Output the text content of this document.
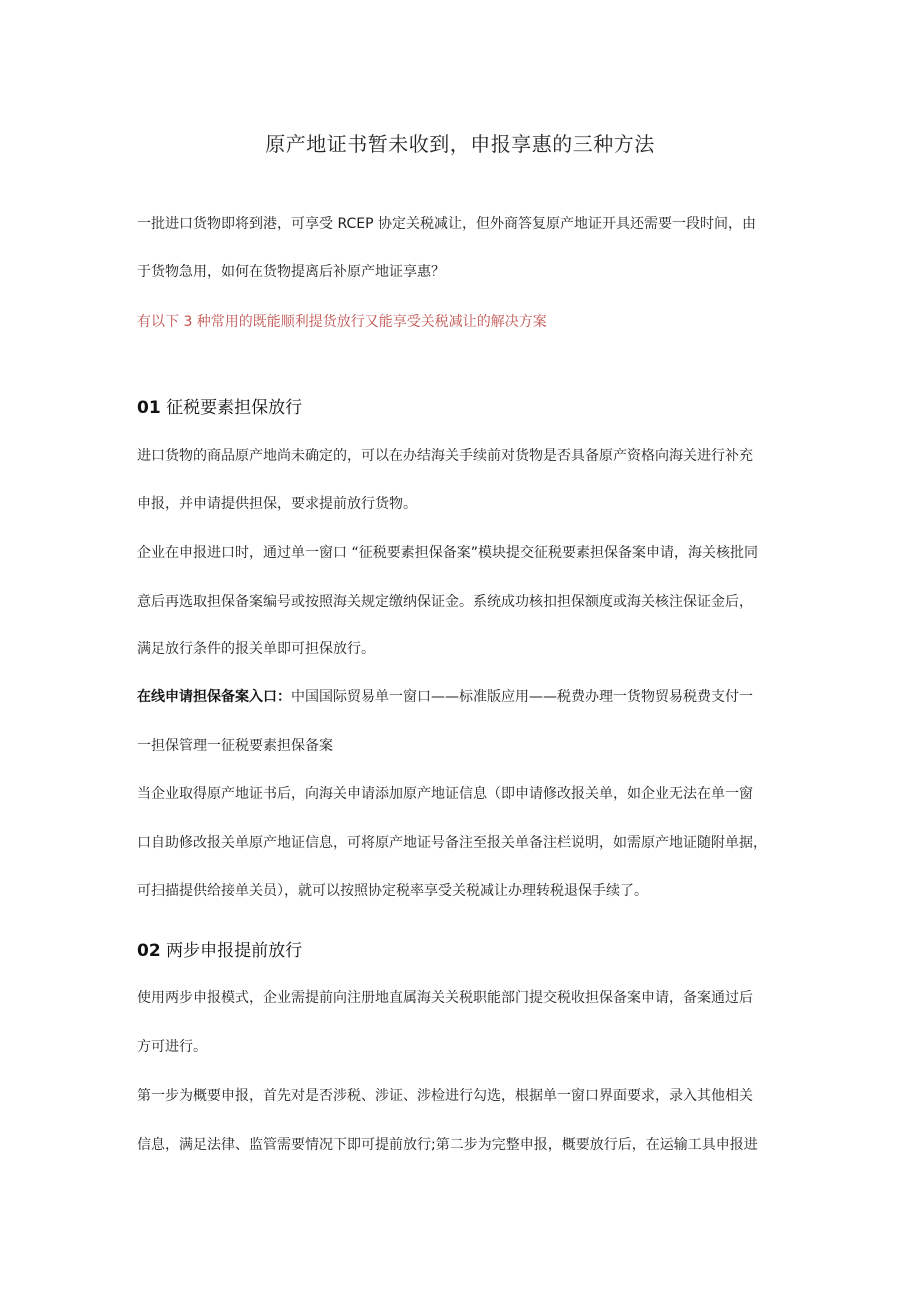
原产地证书暂未收到，申报享惠的三种方法
一批进口货物即将到港，可享受 RCEP 协定关税减让，但外商答复原产地证开具还需要一段时间，由
于货物急用，如何在货物提离后补原产地证享惠？
有以下 3 种常用的既能顺利提货放行又能享受关税减让的解决方案
01 征税要素担保放行
进口货物的商品原产地尚未确定的，可以在办结海关手续前对货物是否具备原产资格向海关进行补充
申报，并申请提供担保，要求提前放行货物。
企业在申报进口时，通过单一窗口 “征税要素担保备案”模块提交征税要素担保备案申请，海关核批同
意后再选取担保备案编号或按照海关规定缴纳保证金。系统成功核扣担保额度或海关核注保证金后，
满足放行条件的报关单即可担保放行。
在线申请担保备案入口：中国国际贸易单一窗口——标准版应用——税费办理一货物贸易税费支付一
一担保管理一征税要素担保备案
当企业取得原产地证书后，向海关申请添加原产地证信息（即申请修改报关单，如企业无法在单一窗
口自助修改报关单原产地证信息，可将原产地证号备注至报关单备注栏说明，如需原产地证随附单据，
可扫描提供给接单关员），就可以按照协定税率享受关税减让办理转税退保手续了。
02 两步申报提前放行
使用两步申报模式，企业需提前向注册地直属海关关税职能部门提交税收担保备案申请，备案通过后
方可进行。
第一步为概要申报，首先对是否涉税、涉证、涉检进行勾选，根据单一窗口界面要求，录入其他相关
信息，满足法律、监管需要情况下即可提前放行;第二步为完整申报，概要放行后，在运输工具申报进
